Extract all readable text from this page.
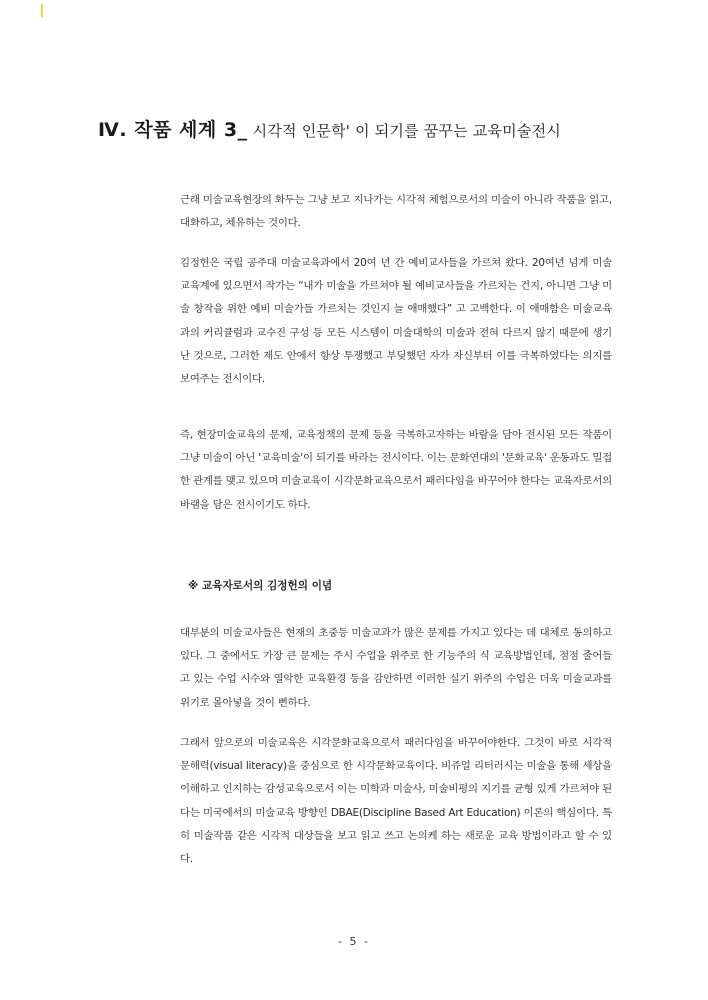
ǀ
Ⅳ. 작품 세계 3_ 시각적 인문학' 이 되기를 꿈꾸는 교육미술전시
근래 미술교육현장의 화두는 그냥 보고 지나가는 시각적 체험으로서의 미술이 아니라 작품을 읽고, 대화하고, 체유하는 것이다.
김정헌은 국립 공주대 미술교육과에서 20여 년 간 예비교사들을 가르쳐 왔다. 20여년 넘게 미술 교육계에 있으면서 작가는 “내가 미술을 가르쳐야 될 예비교사들을 가르치는 건지, 아니면 그냥 미술 창작을 위한 예비 미술가들 가르치는 것인지 늘 애매했다” 고 고백한다. 이 애매함은 미술교육과의 커리큘럼과 교수진 구성 등 모든 시스템이 미술대학의 미술과 전혀 다르지 않기 때문에 생기난 것으로, 그러한 제도 안에서 항상 투쟁했고 부딪했던 자가 자신부터 이를 극복하였다는 의지를 보여주는 전시이다.
즉, 현장미술교육의 문제, 교육정책의 문제 등을 극복하고자하는 바람을 담아 전시된 모든 작품이 그냥 미술이 아닌 '교육미술'이 되기를 바라는 전시이다. 이는 문화연대의 '문화교육' 운동과도 밀접한 관계를 맺고 있으며 미술교육이 시각문화교육으로서 패러다임을 바꾸어야 한다는 교육자로서의 바램을 담은 전시이기도 하다.
※ 교육자로서의 김정헌의 이념
대부분의 미술교사들은 현재의 초중등 미술교과가 많은 문제를 가지고 있다는 데 대체로 동의하고 있다. 그 중에서도 가장 큰 문제는 주시 수업을 위주로 한 기능주의 식 교육방법인데, 점점 줄어들고 있는 수업 시수와 열악한 교육환경 등을 감안하면 이러한 실기 위주의 수업은 더욱 미술교과를 위기로 몰아넣을 것이 뻔하다.
그래서 앞으로의 미술교육은 시각문화교육으로서 패러다임을 바꾸어야한다. 그것이 바로 시각적 문해력(visual literacy)을 중심으로 한 시각문화교육이다. 비쥬얼 리터러시는 미술을 통해 세상을 이해하고 인지하는 감성교육으로서 이는 미학과 미술사, 미술비평의 지기를 균형 있게 가르쳐야 된다는 미국에서의 미술교육 방향인 DBAE(Discipline Based Art Education) 이론의 핵심이다. 특히 미술작품 같은 시각적 대상들을 보고 읽고 쓰고 논의케 하는 새로운 교육 방법이라고 할 수 있다.
- 5 -
